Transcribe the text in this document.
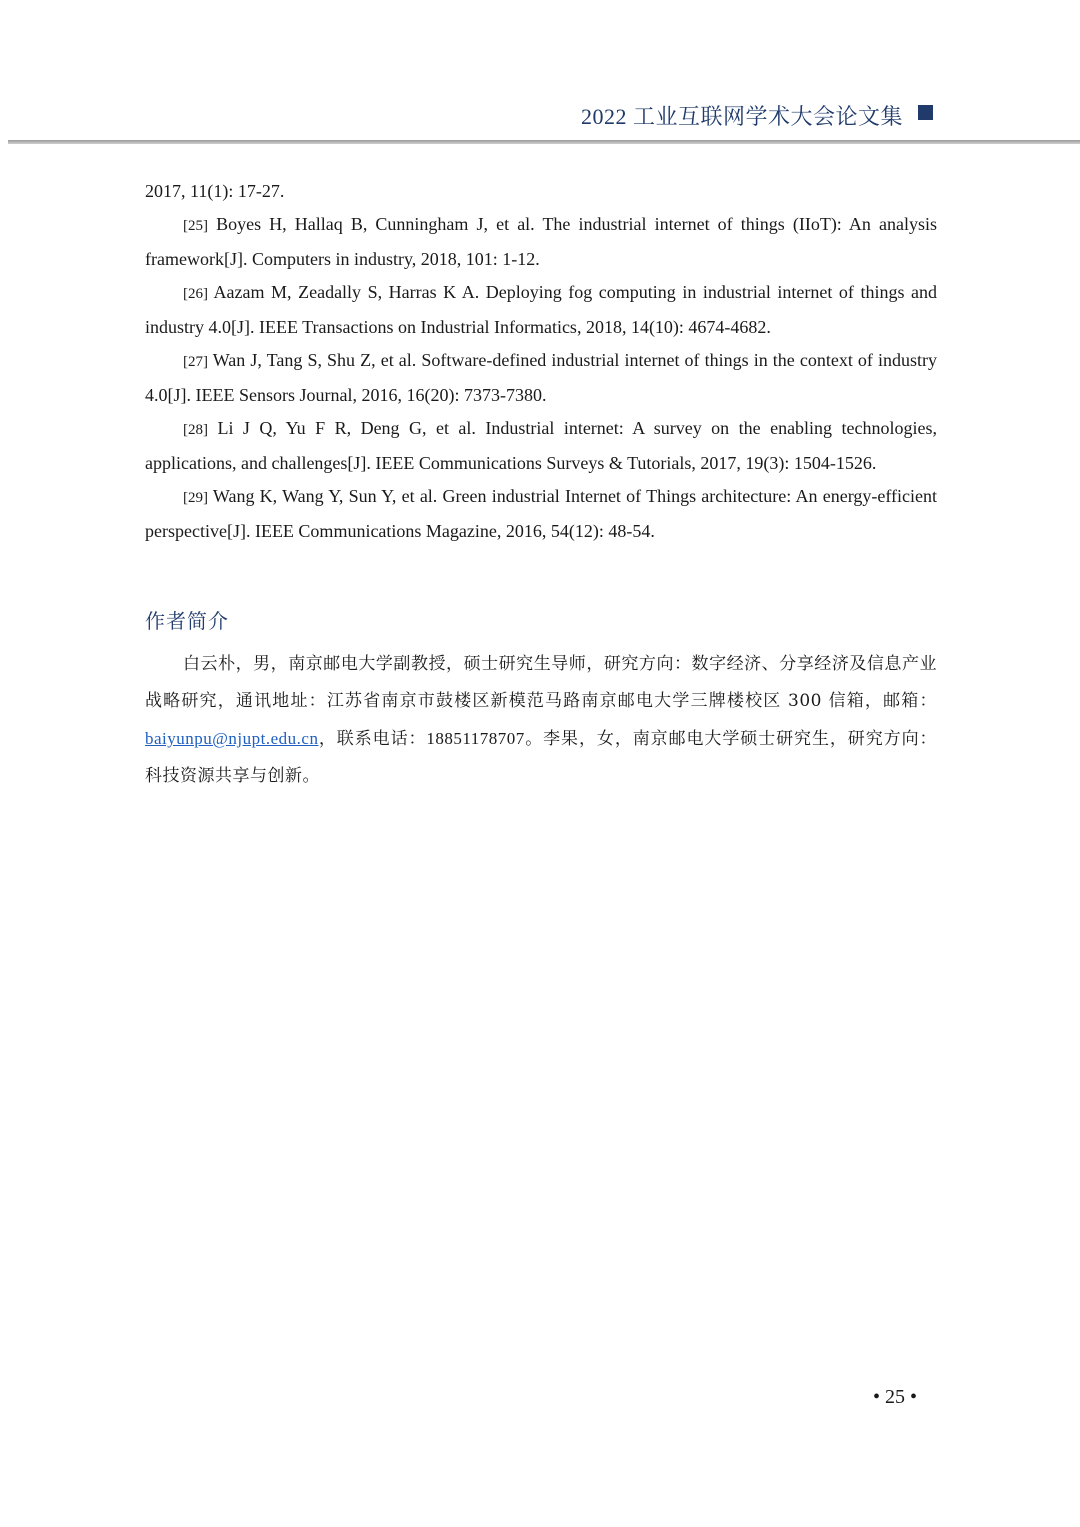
2022 工业互联网学术大会论文集

2017, 11(1): 17-27.

[25] Boyes H, Hallaq B, Cunningham J, et al. The industrial internet of things (IIoT): An analysis framework[J]. Computers in industry, 2018, 101: 1-12.

[26] Aazam M, Zeadally S, Harras K A. Deploying fog computing in industrial internet of things and industry 4.0[J]. IEEE Transactions on Industrial Informatics, 2018, 14(10): 4674-4682.

[27] Wan J, Tang S, Shu Z, et al. Software-defined industrial internet of things in the context of industry 4.0[J]. IEEE Sensors Journal, 2016, 16(20): 7373-7380.

[28] Li J Q, Yu F R, Deng G, et al. Industrial internet: A survey on the enabling technologies, applications, and challenges[J]. IEEE Communications Surveys & Tutorials, 2017, 19(3): 1504-1526.

[29] Wang K, Wang Y, Sun Y, et al. Green industrial Internet of Things architecture: An energy-efficient perspective[J]. IEEE Communications Magazine, 2016, 54(12): 48-54.

作者简介

白云朴，男，南京邮电大学副教授，硕士研究生导师，研究方向：数字经济、分享经济及信息产业战略研究，通讯地址：江苏省南京市鼓楼区新模范马路南京邮电大学三牌楼校区 300 信箱，邮箱：baiyunpu@njupt.edu.cn，联系电话：18851178707。李果，女，南京邮电大学硕士研究生，研究方向：科技资源共享与创新。

• 25 •
